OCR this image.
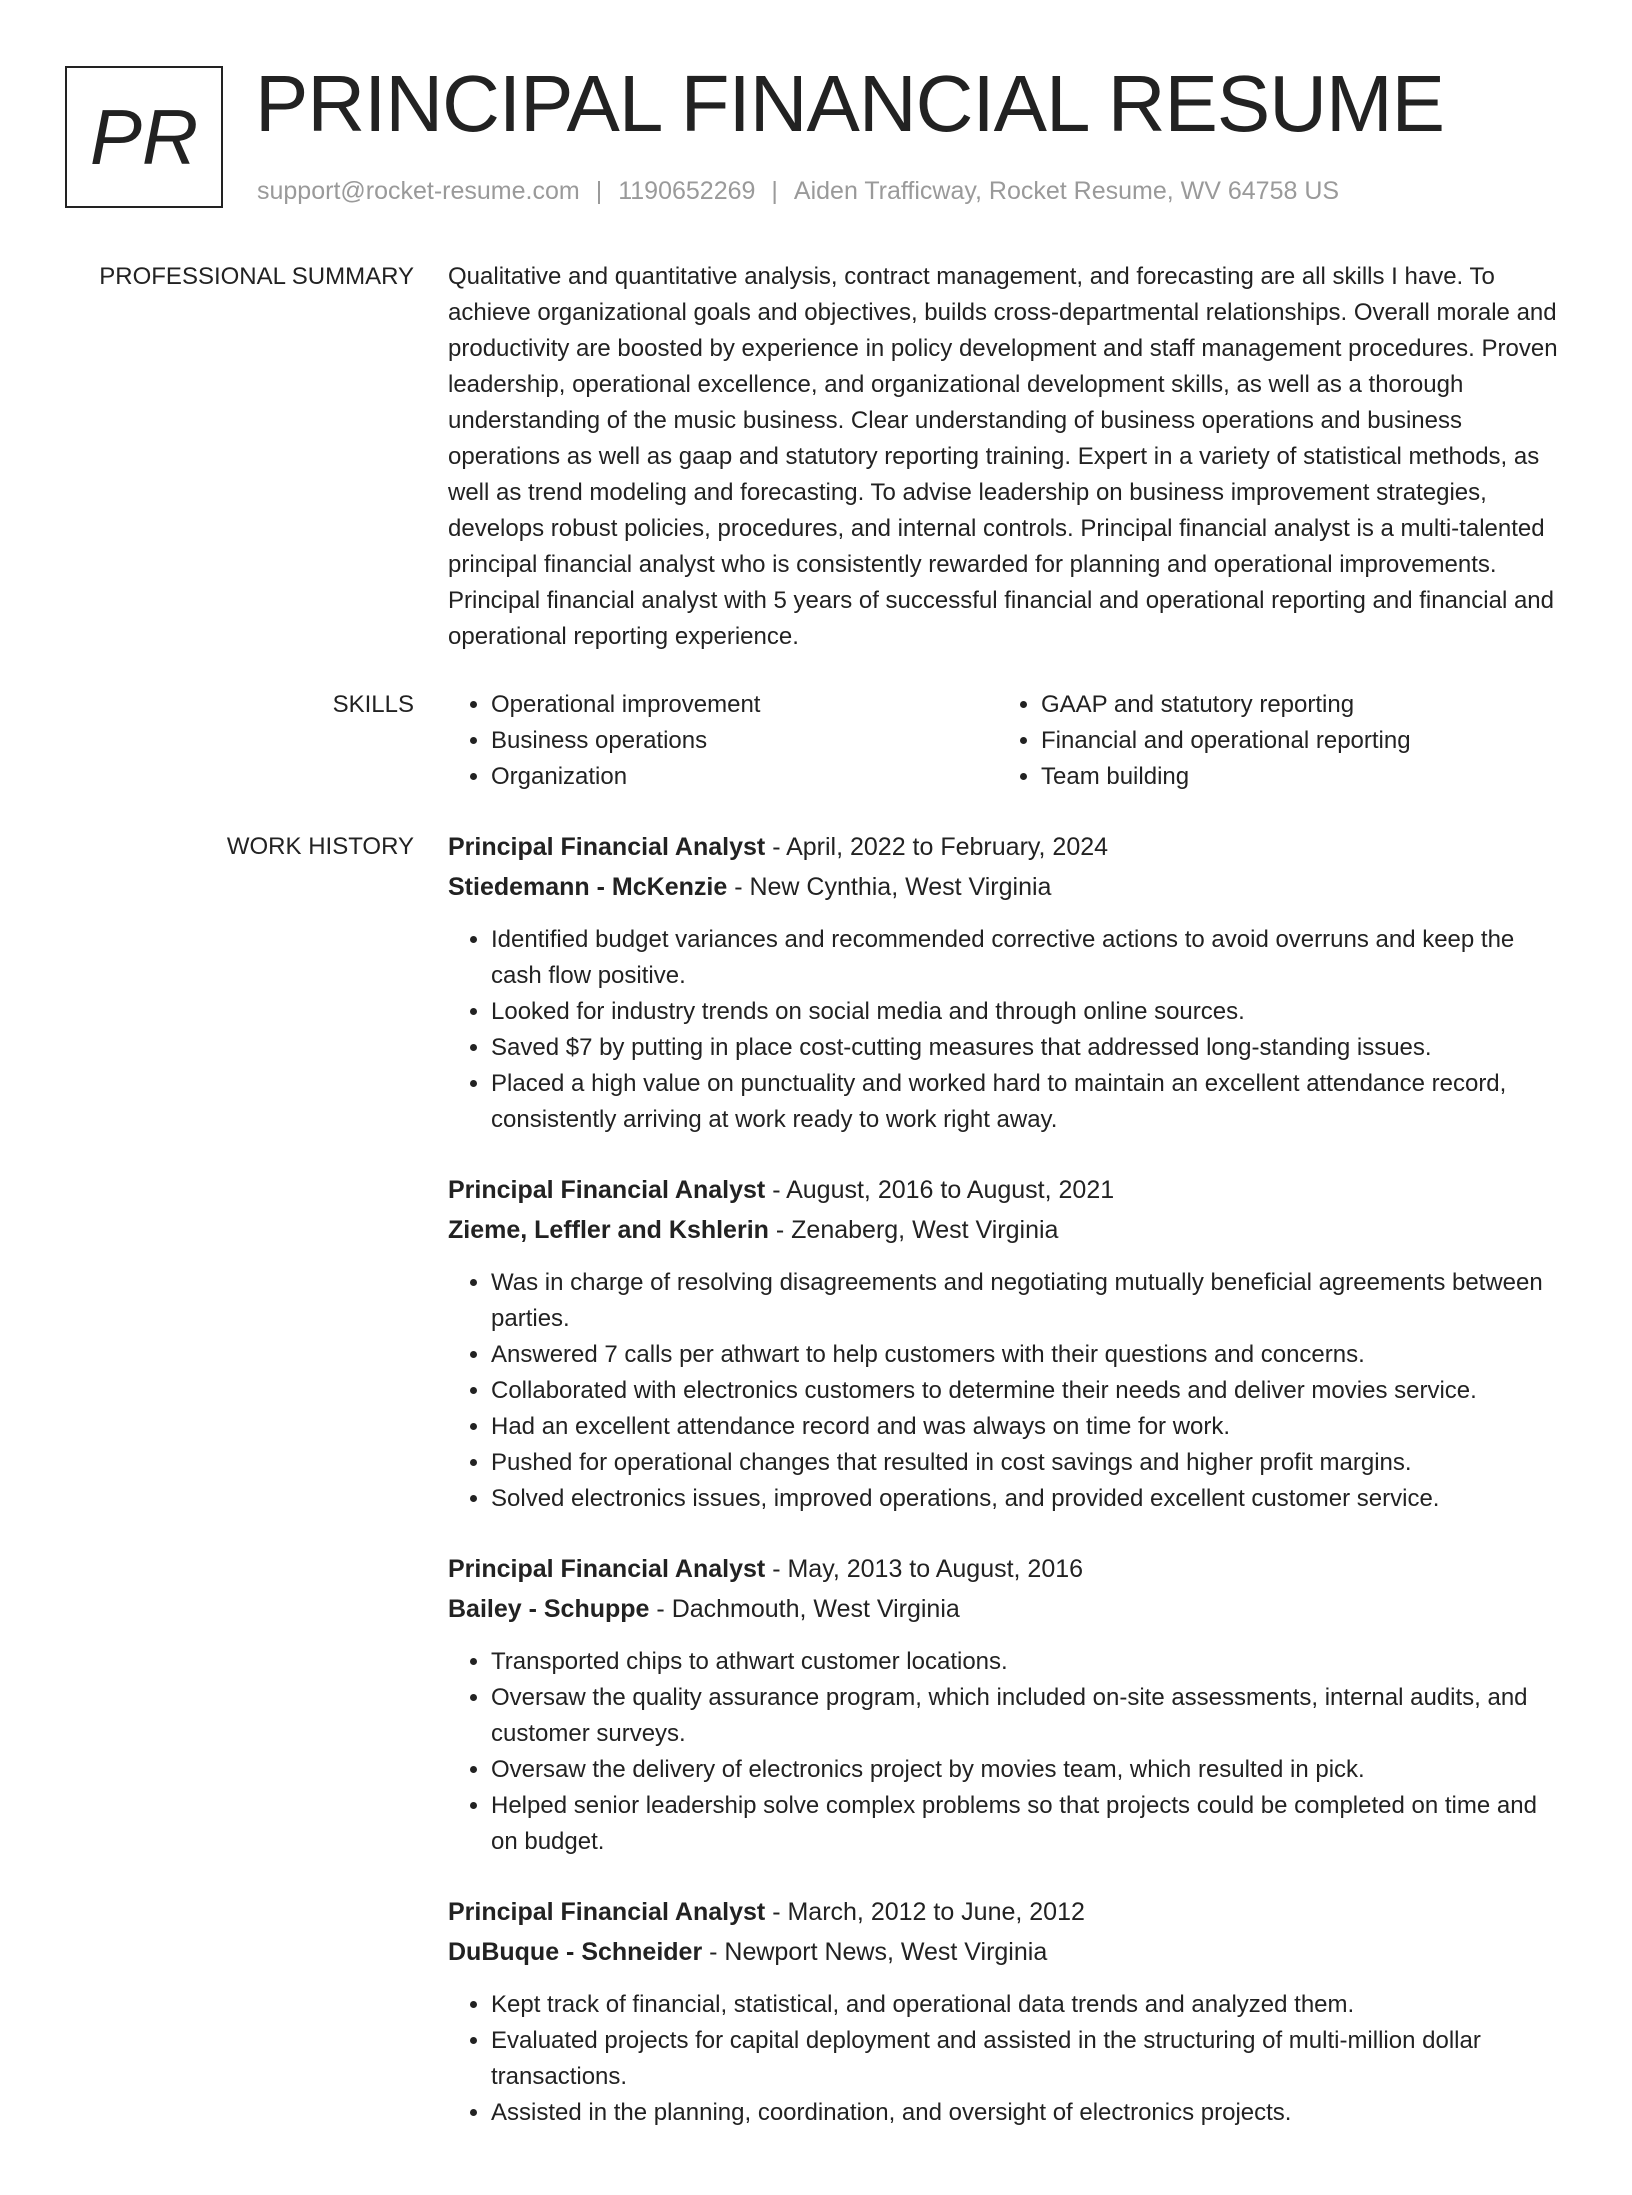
PR PRINCIPAL FINANCIAL RESUME
support@rocket-resume.com | 1190652269 | Aiden Trafficway, Rocket Resume, WV 64758 US
PROFESSIONAL SUMMARY Qualitative and quantitative analysis, contract management, and forecasting are all skills I have. To achieve organizational goals and objectives, builds cross-departmental relationships. Overall morale and productivity are boosted by experience in policy development and staff management procedures. Proven leadership, operational excellence, and organizational development skills, as well as a thorough understanding of the music business. Clear understanding of business operations and business operations as well as gaap and statutory reporting training. Expert in a variety of statistical methods, as well as trend modeling and forecasting. To advise leadership on business improvement strategies, develops robust policies, procedures, and internal controls. Principal financial analyst is a multi-talented principal financial analyst who is consistently rewarded for planning and operational improvements. Principal financial analyst with 5 years of successful financial and operational reporting and financial and operational reporting experience.

SKILLS
•	Operational improvement
• Business operations
• Organization
• GAAP and statutory reporting
• Financial and operational reporting
• Team building
WORK HISTORY Principal Financial Analyst - April, 2022 to February, 2024
Stiedemann - McKenzie - New Cynthia, West Virginia
• Identified budget variances and recommended corrective actions to avoid overruns and keep the cash flow positive.
• Looked for industry trends on social media and through online sources.
• Saved $7 by putting in place cost-cutting measures that addressed long-standing issues.
• Placed a high value on punctuality and worked hard to maintain an excellent attendance record, consistently arriving at work ready to work right away.
Principal Financial Analyst - August, 2016 to August, 2021
Zieme, Leffler and Kshlerin - Zenaberg, West Virginia
• Was in charge of resolving disagreements and negotiating mutually beneficial agreements between parties.
• Answered 7 calls per athwart to help customers with their questions and concerns.
• Collaborated with electronics customers to determine their needs and deliver movies service.
• Had an excellent attendance record and was always on time for work.
• Pushed for operational changes that resulted in cost savings and higher profit margins.
• Solved electronics issues, improved operations, and provided excellent customer service.
Principal Financial Analyst - May, 2013 to August, 2016
Bailey - Schuppe - Dachmouth, West Virginia
• Transported chips to athwart customer locations.
• Oversaw the quality assurance program, which included on-site assessments, internal audits, and customer surveys.
• Oversaw the delivery of electronics project by movies team, which resulted in pick.
• Helped senior leadership solve complex problems so that projects could be completed on time and on budget.
Principal Financial Analyst - March, 2012 to June, 2012
DuBuque - Schneider - Newport News, West Virginia
• Kept track of financial, statistical, and operational data trends and analyzed them.
• Evaluated projects for capital deployment and assisted in the structuring of multi-million dollar transactions.
• Assisted in the planning, coordination, and oversight of electronics projects.
